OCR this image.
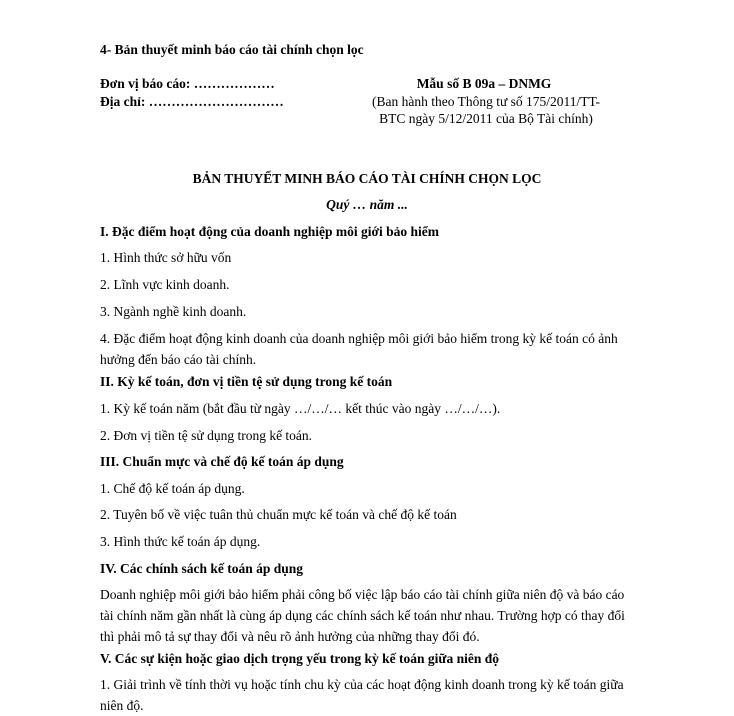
4- Bản thuyết minh báo cáo tài chính chọn lọc
Đơn vị báo cáo: ………………
Địa chỉ: …………………………
Mẫu số B 09a – DNMG
(Ban hành theo Thông tư số 175/2011/TT-
BTC ngày 5/12/2011 của Bộ Tài chính)
BẢN THUYẾT MINH BÁO CÁO TÀI CHÍNH CHỌN LỌC
Quý … năm ...
I. Đặc điểm hoạt động của doanh nghiệp môi giới bảo hiểm
1. Hình thức sở hữu vốn
2. Lĩnh vực kinh doanh.
3. Ngành nghề kinh doanh.
4. Đặc điểm hoạt động kinh doanh của doanh nghiệp môi giới bảo hiểm trong kỳ kế toán có ảnh hưởng đến báo cáo tài chính.
II. Kỳ kế toán, đơn vị tiền tệ sử dụng trong kế toán
1. Kỳ kế toán năm (bắt đầu từ ngày …/…/… kết thúc vào ngày …/…/…).
2. Đơn vị tiền tệ sử dụng trong kế toán.
III. Chuẩn mực và chế độ kế toán áp dụng
1. Chế độ kế toán áp dụng.
2. Tuyên bố về việc tuân thủ chuẩn mực kế toán và chế độ kế toán
3. Hình thức kế toán áp dụng.
IV. Các chính sách kế toán áp dụng
Doanh nghiệp môi giới bảo hiểm phải công bố việc lập báo cáo tài chính giữa niên độ và báo cáo tài chính năm gần nhất là cùng áp dụng các chính sách kế toán như nhau. Trường hợp có thay đổi thì phải mô tả sự thay đổi và nêu rõ ảnh hưởng của những thay đổi đó.
V. Các sự kiện hoặc giao dịch trọng yếu trong kỳ kế toán giữa niên độ
1. Giải trình về tính thời vụ hoặc tính chu kỳ của các hoạt động kinh doanh trong kỳ kế toán giữa niên độ.
